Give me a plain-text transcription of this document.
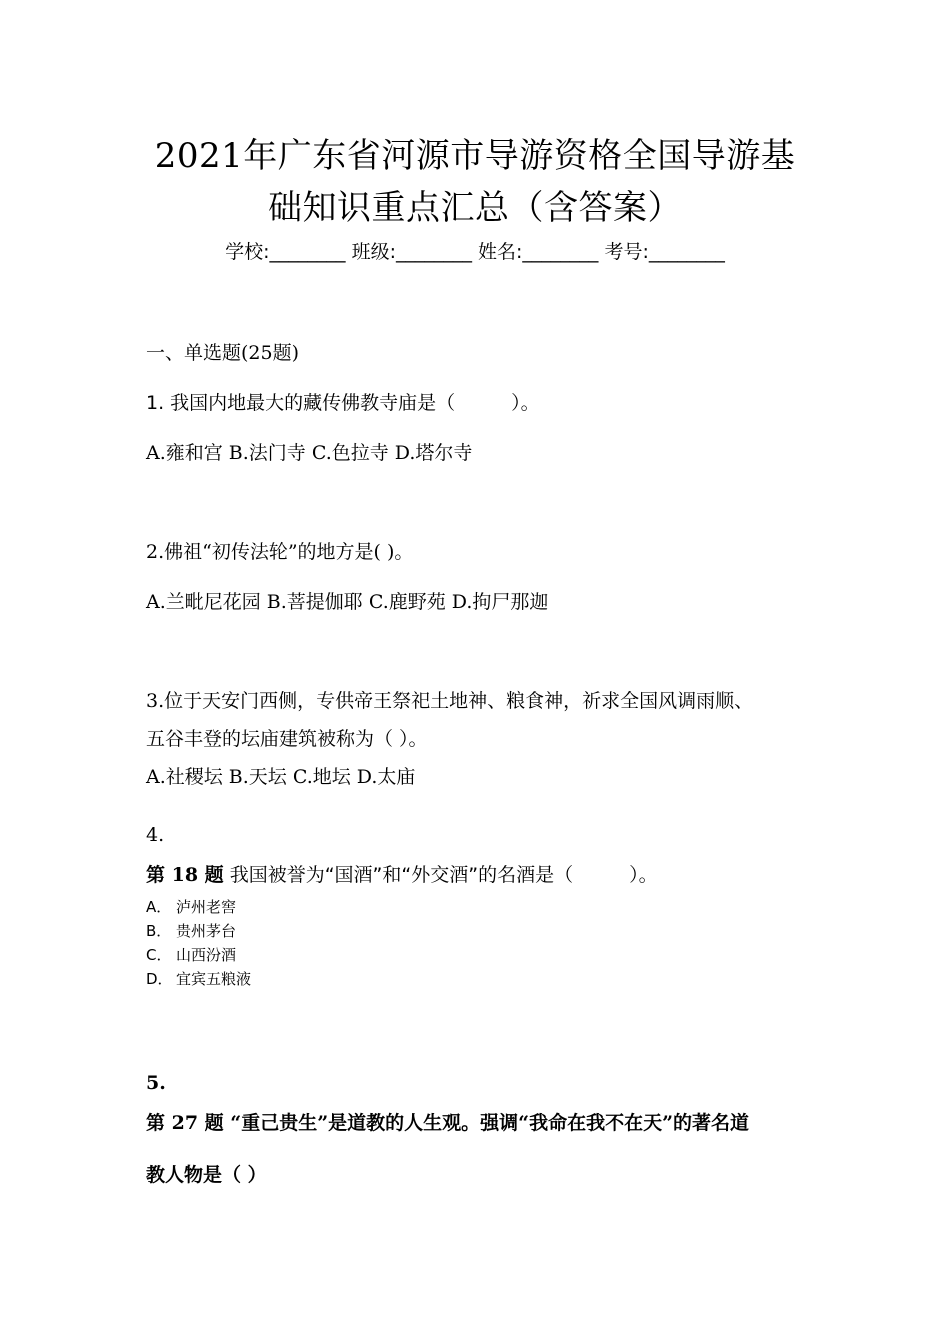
2021年广东省河源市导游资格全国导游基
础知识重点汇总（含答案）
学校:________ 班级:________ 姓名:________ 考号:________
一、单选题(25题)
1. 我国内地最大的藏传佛教寺庙是（	）。
A.雍和宫 B.法门寺 C.色拉寺 D.塔尔寺
2.佛祖“初传法轮”的地方是( )。
A.兰毗尼花园 B.菩提伽耶 C.鹿野苑 D.拘尸那迦
3.位于天安门西侧，专供帝王祭祀土地神、粮食神，祈求全国风调雨顺、
五谷丰登的坛庙建筑被称为（ ）。
A.社稷坛 B.天坛 C.地坛 D.太庙
4.
第 18 题 我国被誉为“国酒”和“外交酒”的名酒是（	）。
A． 泸州老窖
B． 贵州茅台
C． 山西汾酒
D． 宜宾五粮液
5.
第 27 题 “重己贵生”是道教的人生观。强调“我命在我不在天”的著名道
教人物是（ ）
